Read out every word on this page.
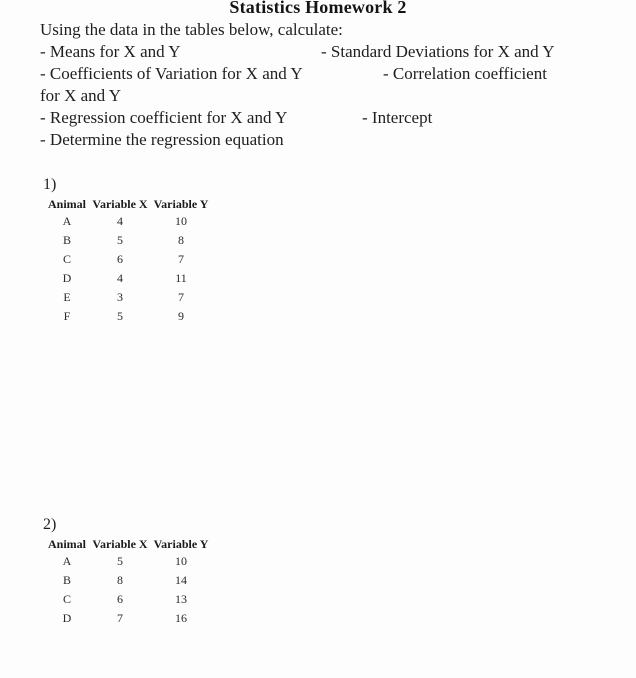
Statistics Homework 2
Using the data in the tables below, calculate:
- Means for X and Y	- Standard Deviations for X and Y
- Coefficients of Variation for X and Y	- Correlation coefficient
for X and Y
- Regression coefficient for X and Y	- Intercept
- Determine the regression equation
1)
Animal	Variable X	Variable Y
A	4	10
B	5	8
C	6	7
D	4	11
E	3	7
F	5	9
2)
Animal	Variable X	Variable Y
A	5	10
B	8	14
C	6	13
D	7	16
